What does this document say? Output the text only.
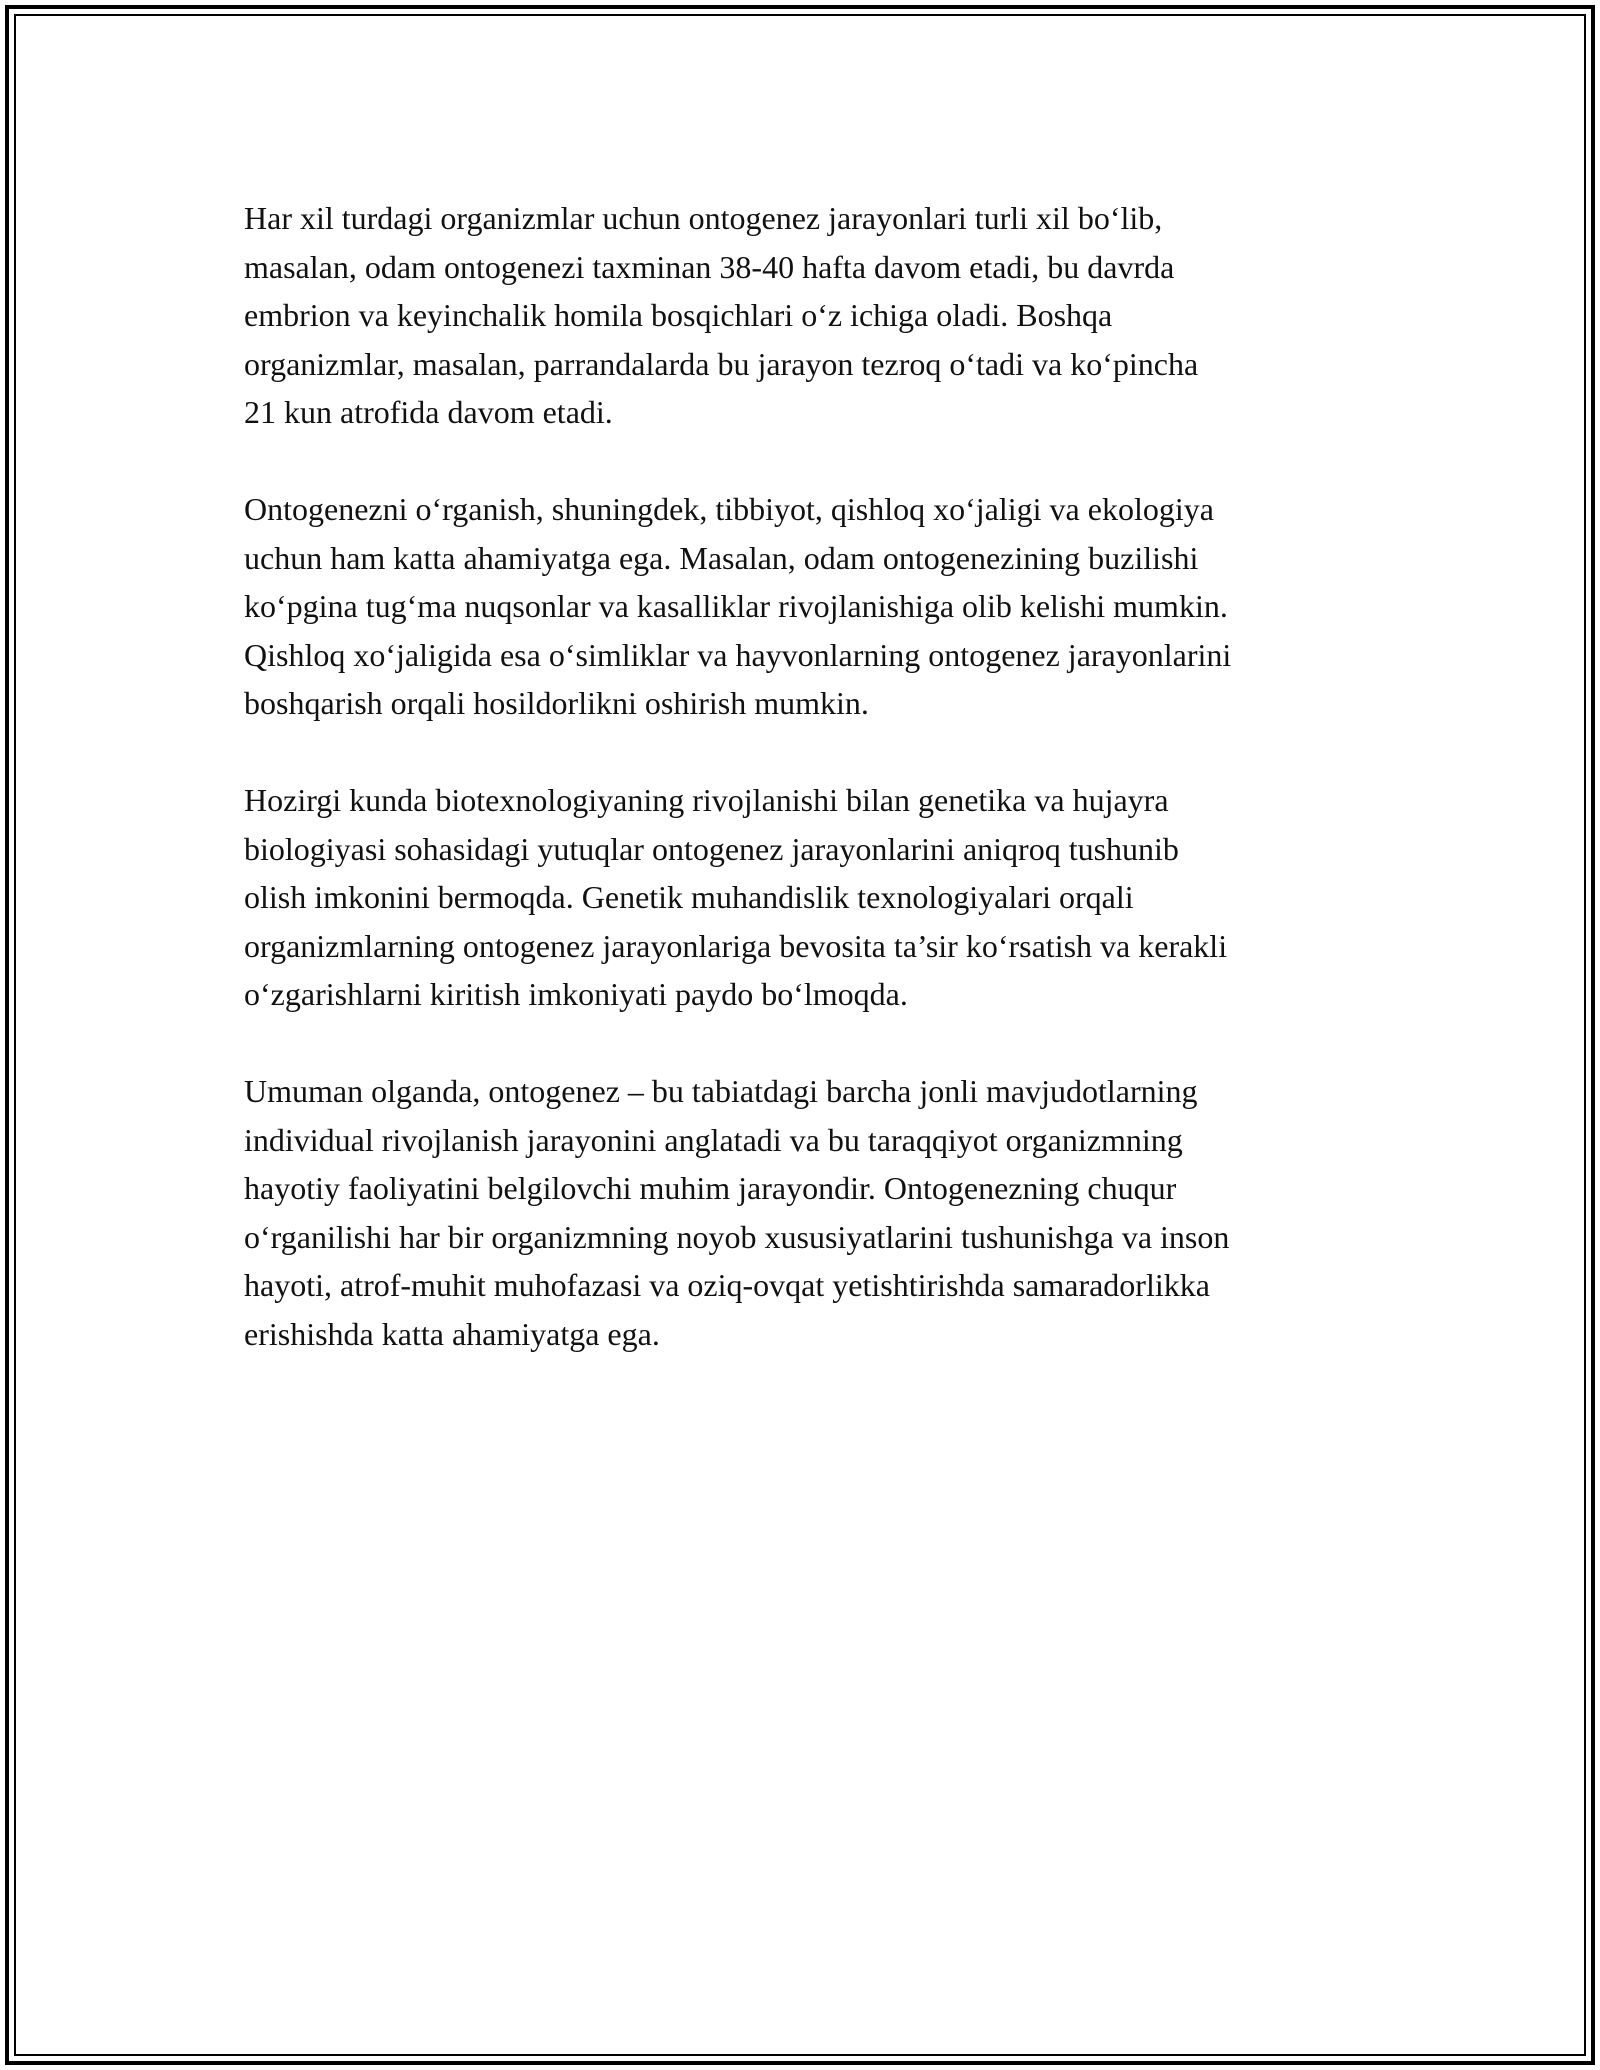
Har xil turdagi organizmlar uchun ontogenez jarayonlari turli xil bo‘lib,
masalan, odam ontogenezi taxminan 38-40 hafta davom etadi, bu davrda
embrion va keyinchalik homila bosqichlari o‘z ichiga oladi. Boshqa
organizmlar, masalan, parrandalarda bu jarayon tezroq o‘tadi va ko‘pincha
21 kun atrofida davom etadi.

Ontogenezni o‘rganish, shuningdek, tibbiyot, qishloq xo‘jaligi va ekologiya
uchun ham katta ahamiyatga ega. Masalan, odam ontogenezining buzilishi
ko‘pgina tug‘ma nuqsonlar va kasalliklar rivojlanishiga olib kelishi mumkin.
Qishloq xo‘jaligida esa o‘simliklar va hayvonlarning ontogenez jarayonlarini
boshqarish orqali hosildorlikni oshirish mumkin.

Hozirgi kunda biotexnologiyaning rivojlanishi bilan genetika va hujayra
biologiyasi sohasidagi yutuqlar ontogenez jarayonlarini aniqroq tushunib
olish imkonini bermoqda. Genetik muhandislik texnologiyalari orqali
organizmlarning ontogenez jarayonlariga bevosita ta’sir ko‘rsatish va kerakli
o‘zgarishlarni kiritish imkoniyati paydo bo‘lmoqda.

Umuman olganda, ontogenez – bu tabiatdagi barcha jonli mavjudotlarning
individual rivojlanish jarayonini anglatadi va bu taraqqiyot organizmning
hayotiy faoliyatini belgilovchi muhim jarayondir. Ontogenezning chuqur
o‘rganilishi har bir organizmning noyob xususiyatlarini tushunishga va inson
hayoti, atrof-muhit muhofazasi va oziq-ovqat yetishtirishda samaradorlikka
erishishda katta ahamiyatga ega.
